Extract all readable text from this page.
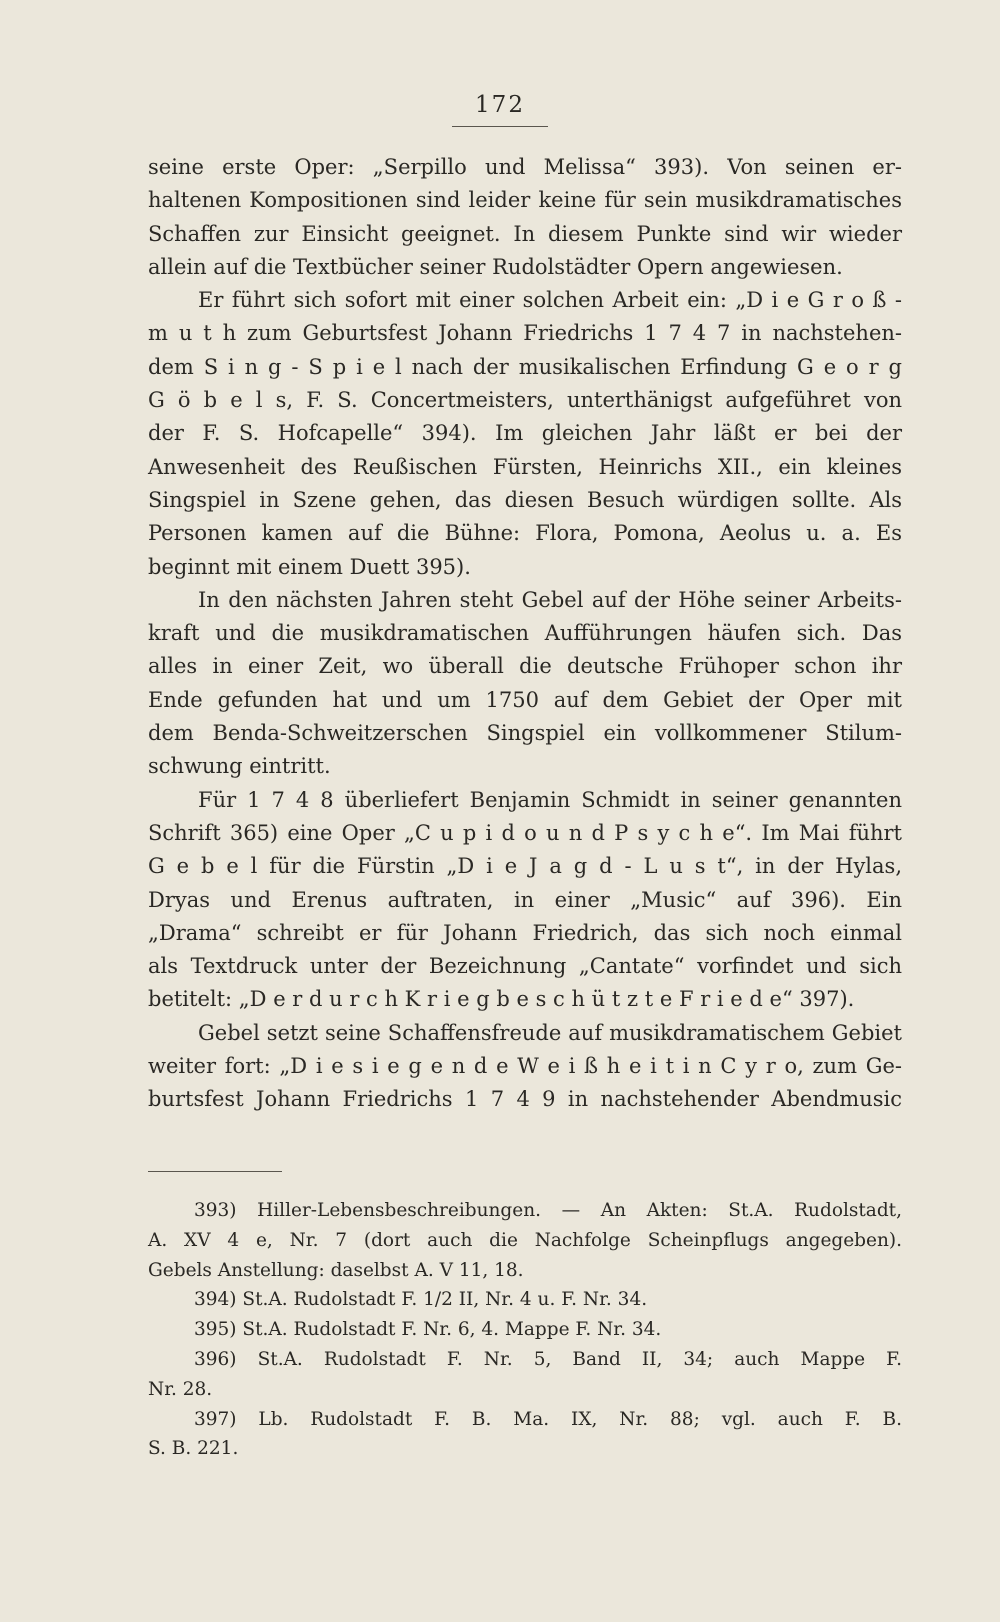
172
seine erste Oper: „Serpillo und Melissa“ 393). Von seinen er-
haltenen Kompositionen sind leider keine für sein musikdramatisches
Schaffen zur Einsicht geeignet. In diesem Punkte sind wir wieder
allein auf die Textbücher seiner Rudolstädter Opern angewiesen.
Er führt sich sofort mit einer solchen Arbeit ein: „D i e G r o ß -
m u t h zum Geburtsfest Johann Friedrichs 1 7 4 7 in nachstehen-
dem S i n g - S p i e l nach der musikalischen Erfindung G e o r g
G ö b e l s, F. S. Concertmeisters, unterthänigst aufgeführet von
der F. S. Hofcapelle“ 394). Im gleichen Jahr läßt er bei der
Anwesenheit des Reußischen Fürsten, Heinrichs XII., ein kleines
Singspiel in Szene gehen, das diesen Besuch würdigen sollte. Als
Personen kamen auf die Bühne: Flora, Pomona, Aeolus u. a. Es
beginnt mit einem Duett 395).
In den nächsten Jahren steht Gebel auf der Höhe seiner Arbeits-
kraft und die musikdramatischen Aufführungen häufen sich. Das
alles in einer Zeit, wo überall die deutsche Frühoper schon ihr
Ende gefunden hat und um 1750 auf dem Gebiet der Oper mit
dem Benda-Schweitzerschen Singspiel ein vollkommener Stilum-
schwung eintritt.
Für 1 7 4 8 überliefert Benjamin Schmidt in seiner genannten
Schrift 365) eine Oper „C u p i d o u n d P s y c h e“. Im Mai führt
G e b e l für die Fürstin „D i e J a g d - L u s t“, in der Hylas,
Dryas und Erenus auftraten, in einer „Music“ auf 396). Ein
„Drama“ schreibt er für Johann Friedrich, das sich noch einmal
als Textdruck unter der Bezeichnung „Cantate“ vorfindet und sich
betitelt: „D e r d u r c h K r i e g b e s c h ü t z t e F r i e d e“ 397).
Gebel setzt seine Schaffensfreude auf musikdramatischem Gebiet
weiter fort: „D i e s i e g e n d e W e i ß h e i t i n C y r o, zum Ge-
burtsfest Johann Friedrichs 1 7 4 9 in nachstehender Abendmusic
393) Hiller-Lebensbeschreibungen. — An Akten: St.A. Rudolstadt,
A. XV 4 e, Nr. 7 (dort auch die Nachfolge Scheinpflugs angegeben).
Gebels Anstellung: daselbst A. V 11, 18.
394) St.A. Rudolstadt F. 1/2 II, Nr. 4 u. F. Nr. 34.
395) St.A. Rudolstadt F. Nr. 6, 4. Mappe F. Nr. 34.
396) St.A. Rudolstadt F. Nr. 5, Band II, 34; auch Mappe F.
Nr. 28.
397) Lb. Rudolstadt F. B. Ma. IX, Nr. 88; vgl. auch F. B.
S. B. 221.
